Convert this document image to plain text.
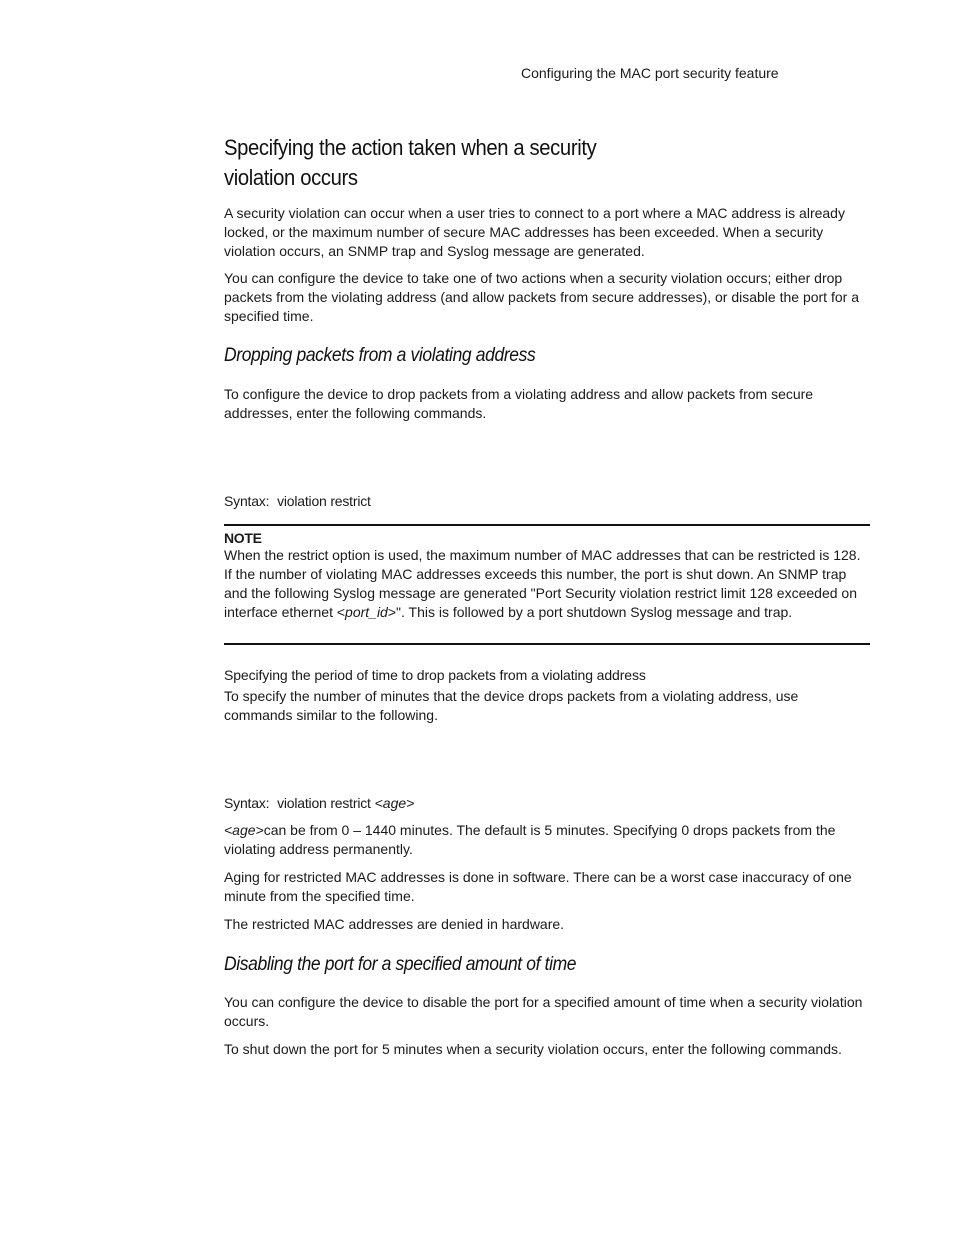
Configuring the MAC port security feature
Specifying the action taken when a security violation occurs

A security violation can occur when a user tries to connect to a port where a MAC address is already locked, or the maximum number of secure MAC addresses has been exceeded. When a security violation occurs, an SNMP trap and Syslog message are generated.

You can configure the device to take one of two actions when a security violation occurs; either drop packets from the violating address (and allow packets from secure addresses), or disable the port for a specified time.

Dropping packets from a violating address

To configure the device to drop packets from a violating address and allow packets from secure addresses, enter the following commands.

Syntax: violation restrict
NOTE

When the restrict option is used, the maximum number of MAC addresses that can be restricted is 128. If the number of violating MAC addresses exceeds this number, the port is shut down. An SNMP trap and the following Syslog message are generated "Port Security violation restrict limit 128 exceeded on interface ethernet <port_id>". This is followed by a port shutdown Syslog message and trap.

Specifying the period of time to drop packets from a violating address

To specify the number of minutes that the device drops packets from a violating address, use commands similar to the following.

Syntax: violation restrict <age>

<age>can be from 0 – 1440 minutes. The default is 5 minutes. Specifying 0 drops packets from the violating address permanently.

Aging for restricted MAC addresses is done in software. There can be a worst case inaccuracy of one minute from the specified time.

The restricted MAC addresses are denied in hardware.

Disabling the port for a specified amount of time

You can configure the device to disable the port for a specified amount of time when a security violation occurs.

To shut down the port for 5 minutes when a security violation occurs, enter the following commands.
